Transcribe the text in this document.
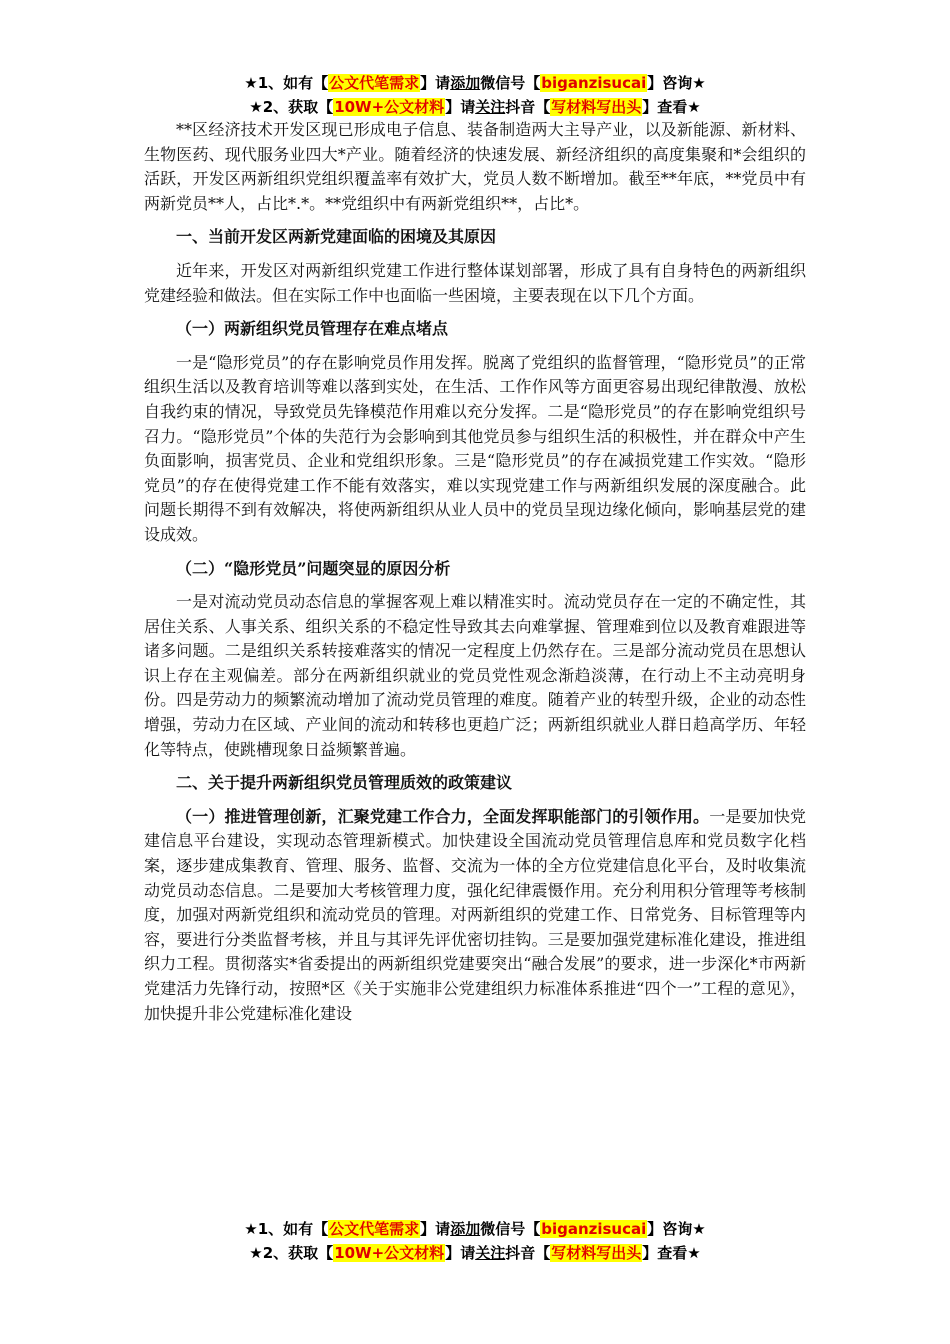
★1、如有【公文代笔需求】请添加微信号【biganzisucai】咨询★
★2、获取【10W+公文材料】请关注抖音【写材料写出头】查看★

**区经济技术开发区现已形成电子信息、装备制造两大主导产业，以及新能源、新材料、生物医药、现代服务业四大*产业。随着经济的快速发展、新经济组织的高度集聚和*会组织的活跃，开发区两新组织党组织覆盖率有效扩大，党员人数不断增加。截至**年底，**党员中有两新党员**人，占比*.*。**党组织中有两新党组织**，占比*。

一、当前开发区两新党建面临的困境及其原因

近年来，开发区对两新组织党建工作进行整体谋划部署，形成了具有自身特色的两新组织党建经验和做法。但在实际工作中也面临一些困境，主要表现在以下几个方面。

（一）两新组织党员管理存在难点堵点

一是“隐形党员”的存在影响党员作用发挥。脱离了党组织的监督管理，“隐形党员”的正常组织生活以及教育培训等难以落到实处，在生活、工作作风等方面更容易出现纪律散漫、放松自我约束的情况，导致党员先锋模范作用难以充分发挥。二是“隐形党员”的存在影响党组织号召力。“隐形党员”个体的失范行为会影响到其他党员参与组织生活的积极性，并在群众中产生负面影响，损害党员、企业和党组织形象。三是“隐形党员”的存在减损党建工作实效。“隐形党员”的存在使得党建工作不能有效落实，难以实现党建工作与两新组织发展的深度融合。此问题长期得不到有效解决，将使两新组织从业人员中的党员呈现边缘化倾向，影响基层党的建设成效。

（二）“隐形党员”问题突显的原因分析

一是对流动党员动态信息的掌握客观上难以精准实时。流动党员存在一定的不确定性，其居住关系、人事关系、组织关系的不稳定性导致其去向难掌握、管理难到位以及教育难跟进等诸多问题。二是组织关系转接难落实的情况一定程度上仍然存在。三是部分流动党员在思想认识上存在主观偏差。部分在两新组织就业的党员党性观念渐趋淡薄，在行动上不主动亮明身份。四是劳动力的频繁流动增加了流动党员管理的难度。随着产业的转型升级，企业的动态性增强，劳动力在区域、产业间的流动和转移也更趋广泛；两新组织就业人群日趋高学历、年轻化等特点，使跳槽现象日益频繁普遍。

二、关于提升两新组织党员管理质效的政策建议

（一）推进管理创新，汇聚党建工作合力，全面发挥职能部门的引领作用。一是要加快党建信息平台建设，实现动态管理新模式。加快建设全国流动党员管理信息库和党员数字化档案，逐步建成集教育、管理、服务、监督、交流为一体的全方位党建信息化平台，及时收集流动党员动态信息。二是要加大考核管理力度，强化纪律震慑作用。充分利用积分管理等考核制度，加强对两新党组织和流动党员的管理。对两新组织的党建工作、日常党务、目标管理等内容，要进行分类监督考核，并且与其评先评优密切挂钩。三是要加强党建标准化建设，推进组织力工程。贯彻落实*省委提出的两新组织党建要突出“融合发展”的要求，进一步深化*市两新党建活力先锋行动，按照*区《关于实施非公党建组织力标准体系推进“四个一”工程的意见》，加快提升非公党建标准化建设

★1、如有【公文代笔需求】请添加微信号【biganzisucai】咨询★
★2、获取【10W+公文材料】请关注抖音【写材料写出头】查看★
